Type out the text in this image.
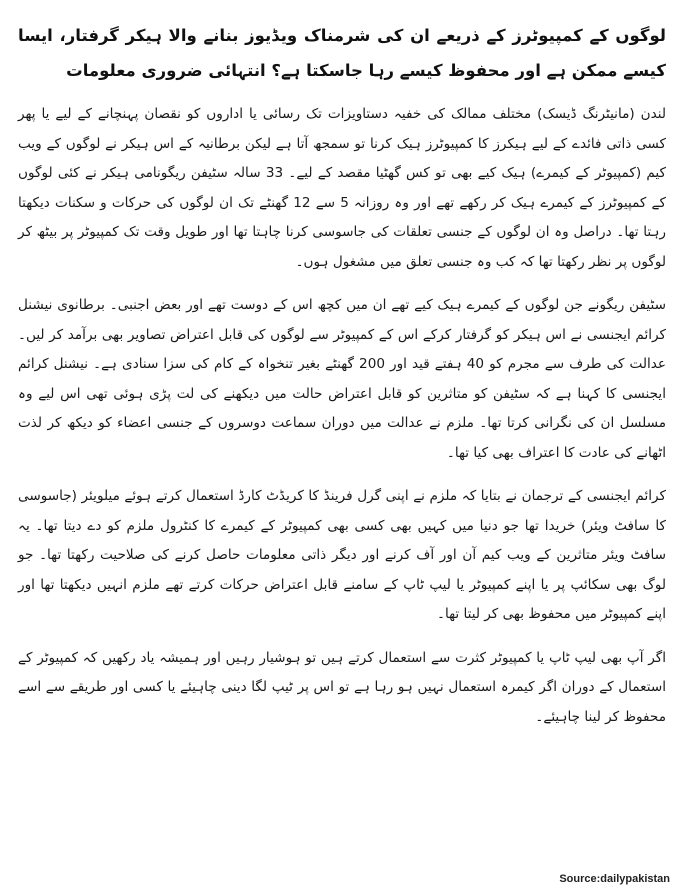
لوگوں کے کمپیوٹرز کے ذریعے ان کی شرمناک ویڈیوز بنانے والا ہیکر گرفتار، ایسا کیسے ممکن ہے اور محفوظ کیسے رہا جاسکتا ہے؟ انتہائی ضروری معلومات

لندن (مانیٹرنگ ڈیسک) مختلف ممالک کی خفیہ دستاویزات تک رسائی یا اداروں کو نقصان پہنچانے کے لیے یا پھر کسی ذاتی فائدے کے لیے ہیکرز کا کمپیوٹرز ہیک کرنا تو سمجھ آتا ہے لیکن برطانیہ کے اس ہیکر نے لوگوں کے ویب کیم (کمپیوٹر کے کیمرے) ہیک کیے بھی تو کس گھٹیا مقصد کے لیے۔ 33 سالہ سٹیفن ریگونامی ہیکر نے کئی لوگوں کے کمپیوٹرز کے کیمرے ہیک کر رکھے تھے اور وہ روزانہ 5 سے 12 گھنٹے تک ان لوگوں کی حرکات و سکنات دیکھتا رہتا تھا۔ دراصل وہ ان لوگوں کے جنسی تعلقات کی جاسوسی کرنا چاہتا تھا اور طویل وقت تک کمپیوٹر پر بیٹھ کر لوگوں پر نظر رکھتا تھا کہ کب وہ جنسی تعلق میں مشغول ہوں۔

سٹیفن ریگونے جن لوگوں کے کیمرے ہیک کیے تھے ان میں کچھ اس کے دوست تھے اور بعض اجنبی۔ برطانوی نیشنل کرائم ایجنسی نے اس ہیکر کو گرفتار کرکے اس کے کمپیوٹر سے لوگوں کی قابل اعتراض تصاویر بھی برآمد کر لیں۔ عدالت کی طرف سے مجرم کو 40 ہفتے قید اور 200 گھنٹے بغیر تنخواہ کے کام کی سزا سنادی ہے۔ نیشنل کرائم ایجنسی کا کہنا ہے کہ سٹیفن کو متاثرین کو قابل اعتراض حالت میں دیکھنے کی لت پڑی ہوئی تھی اس لیے وہ مسلسل ان کی نگرانی کرتا تھا۔ ملزم نے عدالت میں دوران سماعت دوسروں کے جنسی اعضاء کو دیکھ کر لذت اٹھانے کی عادت کا اعتراف بھی کیا تھا۔

کرائم ایجنسی کے ترجمان نے بتایا کہ ملزم نے اپنی گرل فرینڈ کا کریڈٹ کارڈ استعمال کرتے ہوئے میلویئر (جاسوسی کا سافٹ ویئر) خریدا تھا جو دنیا میں کہیں بھی کسی بھی کمپیوٹر کے کیمرے کا کنٹرول ملزم کو دے دیتا تھا۔ یہ سافٹ ویئر متاثرین کے ویب کیم آن اور آف کرنے اور دیگر ذاتی معلومات حاصل کرنے کی صلاحیت رکھتا تھا۔ جو لوگ بھی سکائپ پر یا اپنے کمپیوٹر یا لیپ ٹاپ کے سامنے قابل اعتراض حرکات کرتے تھے ملزم انہیں دیکھتا تھا اور اپنے کمپیوٹر میں محفوظ بھی کر لیتا تھا۔

اگر آپ بھی لیپ ٹاپ یا کمپیوٹر کثرت سے استعمال کرتے ہیں تو ہوشیار رہیں اور ہمیشہ یاد رکھیں کہ کمپیوٹر کے استعمال کے دوران اگر کیمرہ استعمال نہیں ہو رہا ہے تو اس پر ٹیپ لگا دینی چاہیئے یا کسی اور طریقے سے اسے محفوظ کر لینا چاہیئے۔

Source:dailypakistan
